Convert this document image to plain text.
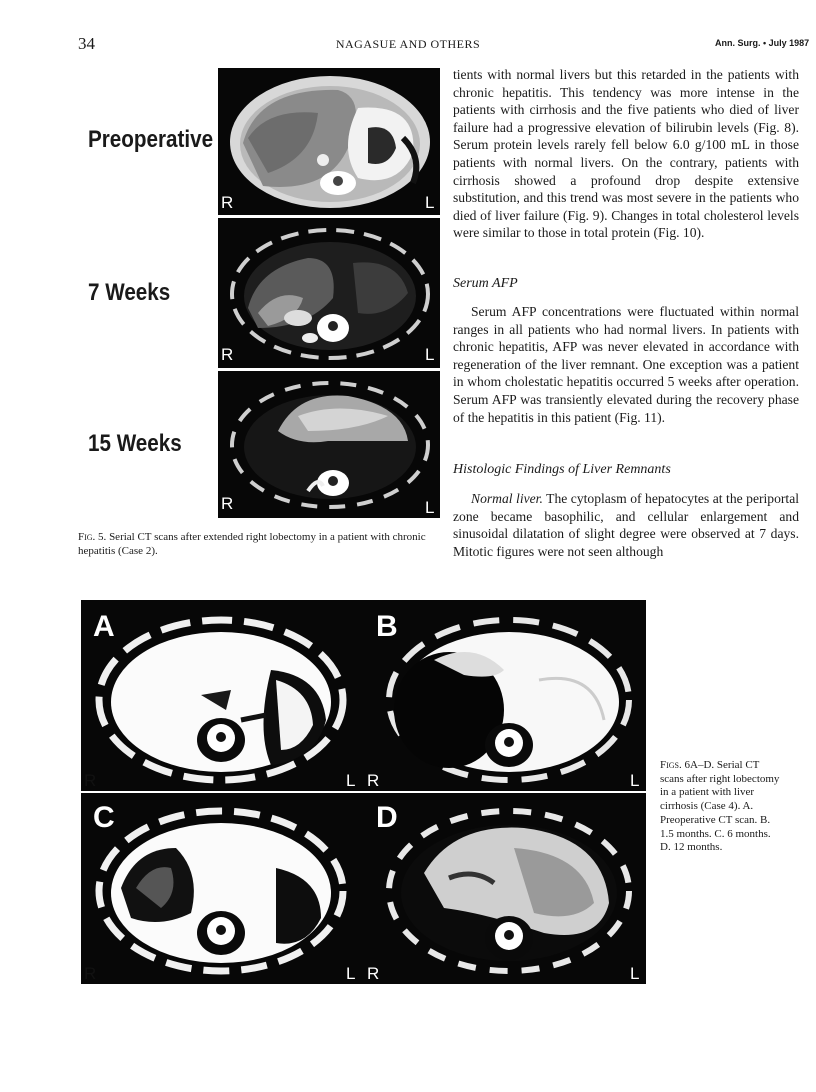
34	NAGASUE AND OTHERS	Ann. Surg. • July 1987
Preoperative
7 Weeks
15 Weeks
R	L
R	L
R	L
Fig. 5. Serial CT scans after extended right lobectomy in a patient with chronic hepatitis (Case 2).

tients with normal livers but this retarded in the patients with chronic hepatitis. This tendency was more intense in the patients with cirrhosis and the five patients who died of liver failure had a progressive elevation of bilirubin levels (Fig. 8). Serum protein levels rarely fell below 6.0 g/100 mL in those patients with normal livers. On the contrary, patients with cirrhosis showed a profound drop despite extensive substitution, and this trend was most severe in the patients who died of liver failure (Fig. 9). Changes in total cholesterol levels were similar to those in total protein (Fig. 10).

Serum AFP

Serum AFP concentrations were fluctuated within normal ranges in all patients who had normal livers. In patients with chronic hepatitis, AFP was never elevated in accordance with regeneration of the liver remnant. One exception was a patient in whom cholestatic hepatitis occurred 5 weeks after operation. Serum AFP was transiently elevated during the recovery phase of the hepatitis in this patient (Fig. 11).

Histologic Findings of Liver Remnants

Normal liver. The cytoplasm of hepatocytes at the periportal zone became basophilic, and cellular enlargement and sinusoidal dilatation of slight degree were observed at 7 days. Mitotic figures were not seen although

A
R	L
B
R	L
C
R	L
D
R	L
Figs. 6A–D. Serial CT scans after right lobectomy in a patient with liver cirrhosis (Case 4). A. Preoperative CT scan. B. 1.5 months. C. 6 months. D. 12 months.
